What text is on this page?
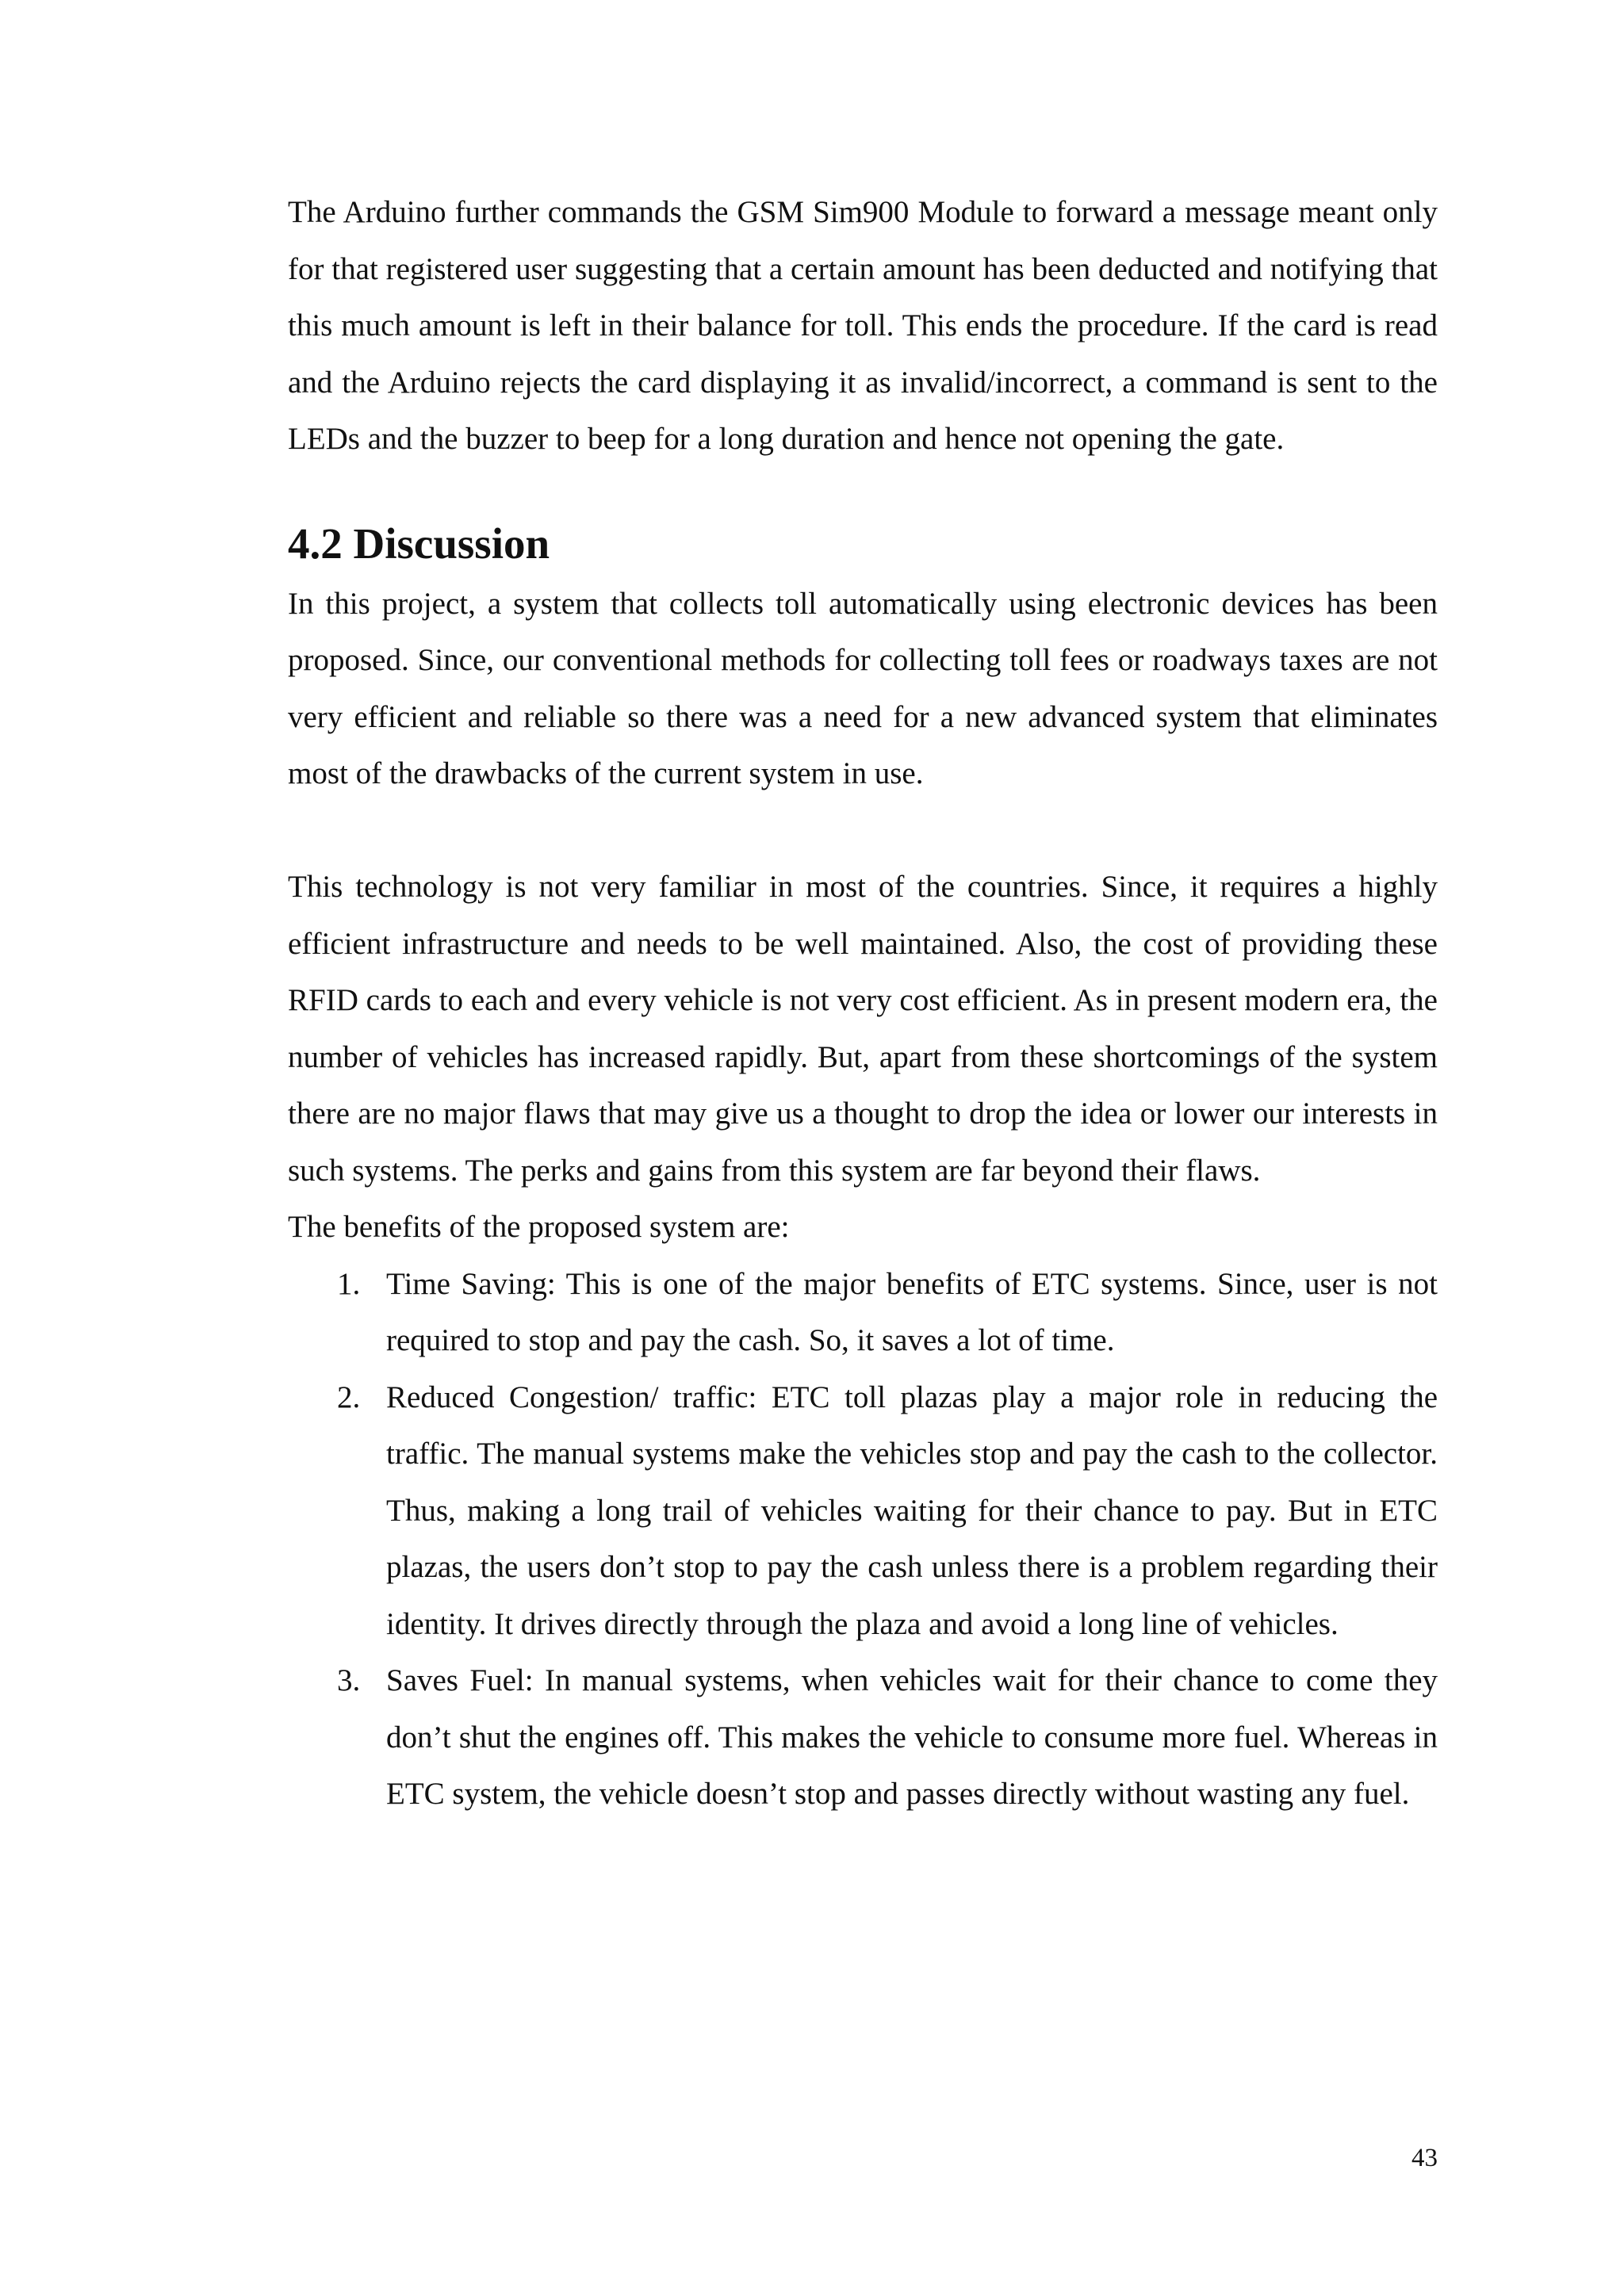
The Arduino further commands the GSM Sim900 Module to forward a message meant only for that registered user suggesting that a certain amount has been deducted and notifying that this much amount is left in their balance for toll. This ends the procedure. If the card is read and the Arduino rejects the card displaying it as invalid/incorrect, a command is sent to the LEDs and the buzzer to beep for a long duration and hence not opening the gate.

4.2 Discussion

In this project, a system that collects toll automatically using electronic devices has been proposed. Since, our conventional methods for collecting toll fees or roadways taxes are not very efficient and reliable so there was a need for a new advanced system that eliminates most of the drawbacks of the current system in use.

This technology is not very familiar in most of the countries. Since, it requires a highly efficient infrastructure and needs to be well maintained. Also, the cost of providing these RFID cards to each and every vehicle is not very cost efficient. As in present modern era, the number of vehicles has increased rapidly. But, apart from these shortcomings of the system there are no major flaws that may give us a thought to drop the idea or lower our interests in such systems. The perks and gains from this system are far beyond their flaws.

The benefits of the proposed system are:

1. Time Saving: This is one of the major benefits of ETC systems. Since, user is not required to stop and pay the cash. So, it saves a lot of time.
2. Reduced Congestion/ traffic: ETC toll plazas play a major role in reducing the traffic. The manual systems make the vehicles stop and pay the cash to the collector. Thus, making a long trail of vehicles waiting for their chance to pay. But in ETC plazas, the users don’t stop to pay the cash unless there is a problem regarding their identity. It drives directly through the plaza and avoid a long line of vehicles.
3. Saves Fuel: In manual systems, when vehicles wait for their chance to come they don’t shut the engines off. This makes the vehicle to consume more fuel. Whereas in ETC system, the vehicle doesn’t stop and passes directly without wasting any fuel.
43
